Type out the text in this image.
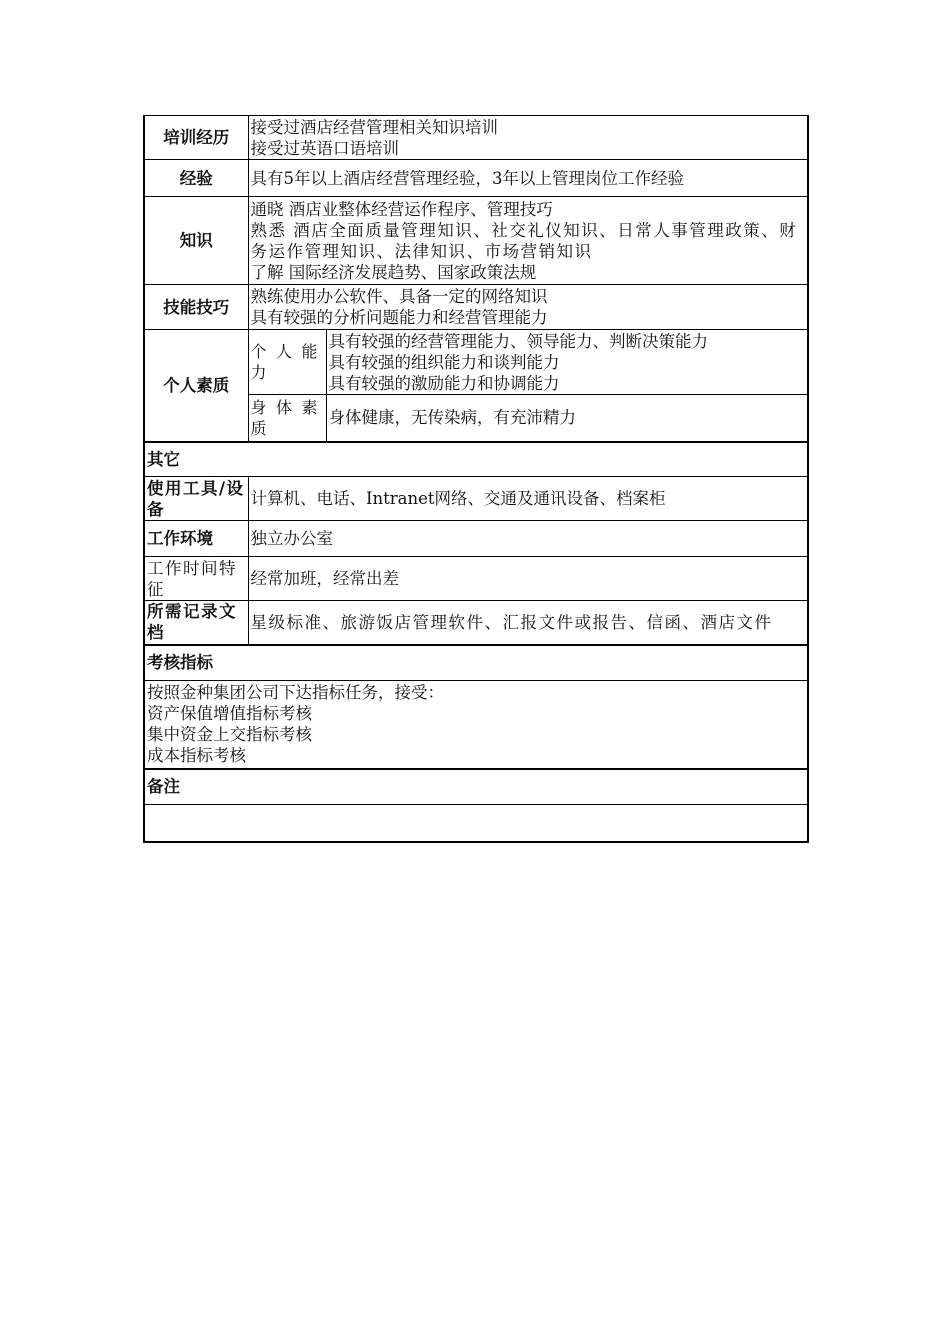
培训经历	接受过酒店经营管理相关知识培训
接受过英语口语培训	

经验	具有5年以上酒店经营管理经验，3年以上管理岗位工作经验	

知识	通晓 酒店业整体经营运作程序、管理技巧
熟悉 酒店全面质量管理知识、社交礼仪知识、日常人事管理政策、财务运作管理知识、法律知识、市场营销知识
了解 国际经济发展趋势、国家政策法规	

技能技巧	熟练使用办公软件、具备一定的网络知识
具有较强的分析问题能力和经营管理能力	

个人素质	个人能力	具有较强的经营管理能力、领导能力、判断决策能力
具有较强的组织能力和谈判能力
具有较强的激励能力和协调能力

	身体素质	身体健康，无传染病，有充沛精力
其它		

使用工具/设备	计算机、电话、Intranet网络、交通及通讯设备、档案柜	
工作环境	独立办公室	

工作时间特征	经常加班，经常出差	

所需记录文档	星级标准、旅游饭店管理软件、汇报文件或报告、信函、酒店文件	

考核指标		

按照金种集团公司下达指标任务，接受：
资产保值增值指标考核
集中资金上交指标考核
成本指标考核		

备注		
